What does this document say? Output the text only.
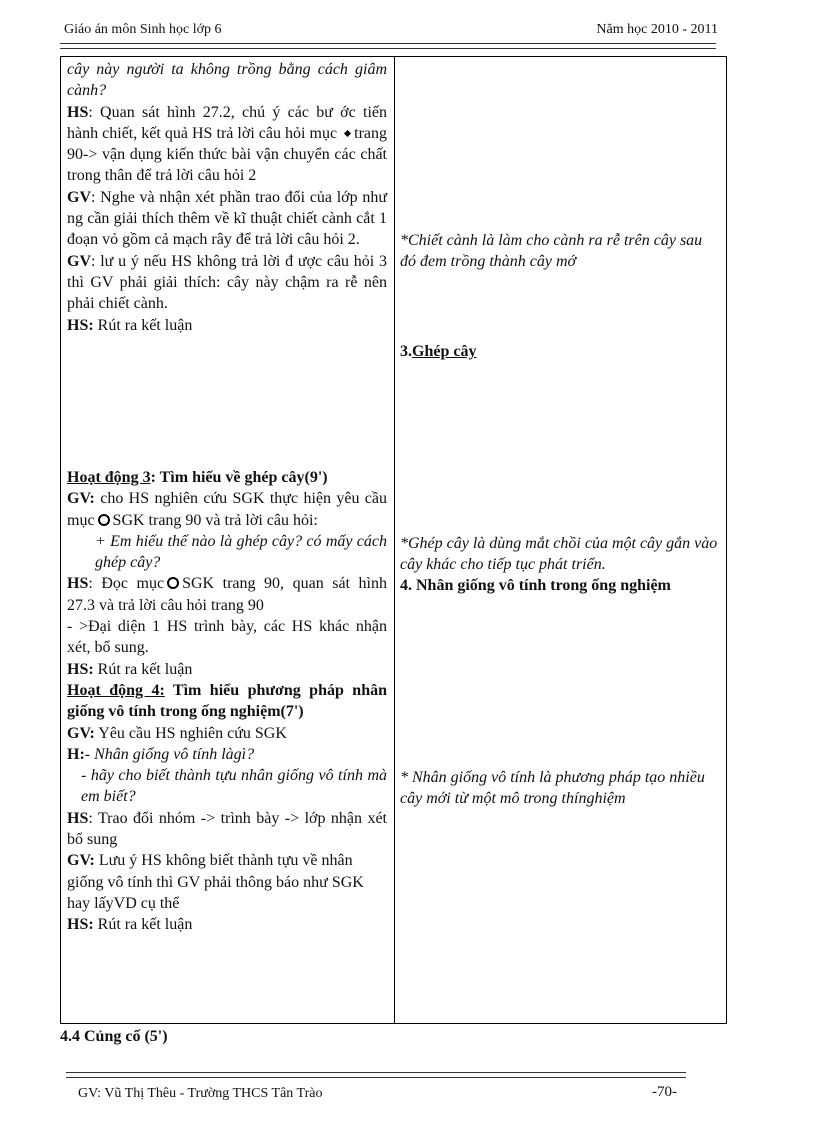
Giáo án môn Sinh học lớp 6	Năm học 2010 - 2011

cây này người ta không trồng bằng cách giâm cành?

HS: Quan sát hình 27.2, chú ý các bư ớc tiến hành chiết, kết quả HS trả lời câu hỏi mục trang 90-> vận dụng kiến thức bài vận chuyển các chất trong thân để trả lời câu hỏi 2

GV: Nghe và nhận xét phần trao đổi của lớp như ng cần giải thích thêm về kĩ thuật chiết cành cắt 1 đoạn vỏ gồm cả mạch rây để trả lời câu hỏi 2.

GV: lư u ý nếu HS không trả lời đ ược câu hỏi 3 thì GV phải giải thích: cây này chậm ra rễ nên phải chiết cành.

HS: Rút ra kết luận

Hoạt động 3: Tìm hiểu về ghép cây(9')

GV: cho HS nghiên cứu SGK thực hiện yêu cầu mục SGK trang 90 và trả lời câu hỏi:

+ Em hiểu thế nào là ghép cây? có mấy cách ghép cây?

HS: Đọc mục SGK trang 90, quan sát hình 27.3 và trả lời câu hỏi trang 90

- >Đại diện 1 HS trình bày, các HS khác nhận xét, bổ sung.

HS: Rút ra kết luận

Hoạt động 4: Tìm hiểu phương pháp nhân giống vô tính trong ống nghiệm(7')

GV: Yêu cầu HS nghiên cứu SGK

H:- Nhân giống vô tính làgì?

- hãy cho biết thành tựu nhân giống vô tính mà em biết?

HS: Trao đổi nhóm -> trình bày -> lớp nhận xét bổ sung

GV: Lưu ý HS không biết thành tựu về nhân giống vô tính thì GV phải thông báo như SGK hay lấyVD cụ thể

HS: Rút ra kết luận

*Chiết cành là làm cho cành ra rễ trên cây sau đó đem trồng thành cây mớ

3.Ghép cây

*Ghép cây là dùng mắt chồi của một cây gắn vào cây khác cho tiếp tục phát triển.

4. Nhân giống vô tính trong ống nghiệm

* Nhân giống vô tính là phương pháp tạo nhiều cây mới từ một mô trong thínghiệm

4.4 Củng cố (5')
GV: Vũ Thị Thêu - Trường THCS Tân Trào	-70-
